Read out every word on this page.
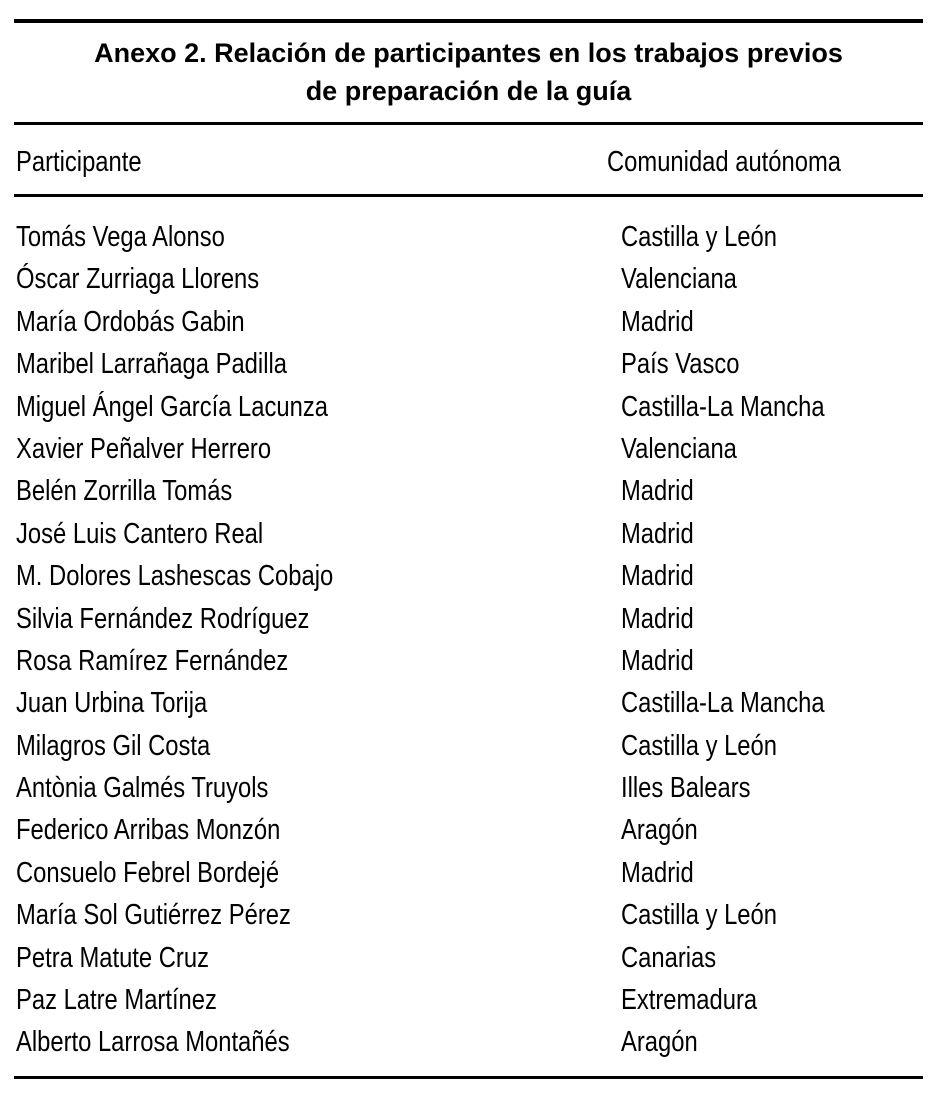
Anexo 2. Relación de participantes en los trabajos previos
de preparación de la guía
Participante	Comunidad autónoma
Tomás Vega Alonso	Castilla y León
Óscar Zurriaga Llorens	Valenciana
María Ordobás Gabin	Madrid
Maribel Larrañaga Padilla	País Vasco
Miguel Ángel García Lacunza	Castilla-La Mancha
Xavier Peñalver Herrero	Valenciana
Belén Zorrilla Tomás	Madrid
José Luis Cantero Real	Madrid
M. Dolores Lashescas Cobajo	Madrid
Silvia Fernández Rodríguez	Madrid
Rosa Ramírez Fernández	Madrid
Juan Urbina Torija	Castilla-La Mancha
Milagros Gil Costa	Castilla y León
Antònia Galmés Truyols	Illes Balears
Federico Arribas Monzón	Aragón
Consuelo Febrel Bordejé	Madrid
María Sol Gutiérrez Pérez	Castilla y León
Petra Matute Cruz	Canarias
Paz Latre Martínez	Extremadura
Alberto Larrosa Montañés	Aragón
